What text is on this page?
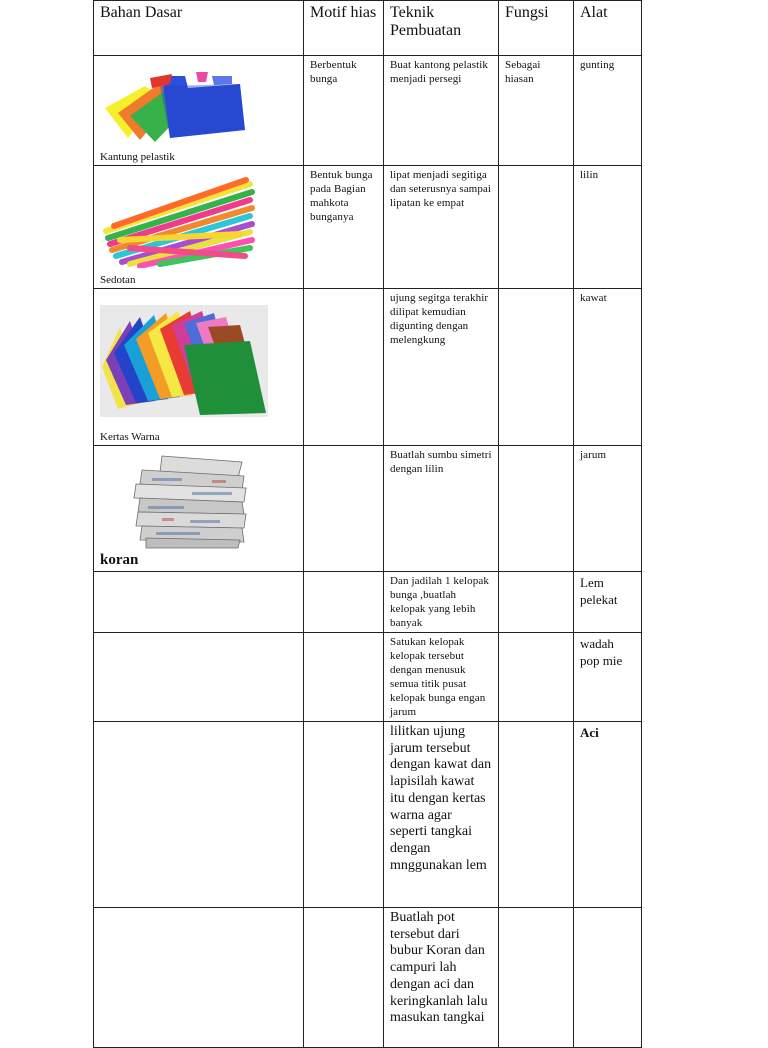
Bahan Dasar	Motif hias	Teknik Pembuatan	Fungsi	Alat

Kantung pelastik	Berbentuk bunga	Buat kantong pelastik menjadi persegi	Sebagai hiasan	gunting

Sedotan	Bentuk bunga pada Bagian mahkota bunganya	lipat menjadi segitiga dan seterusnya sampai lipatan ke empat		lilin

Kertas Warna		ujung segitga terakhir dilipat kemudian digunting dengan melengkung		kawat

koran		Buatlah sumbu simetri dengan lilin		jarum
		Dan jadilah 1 kelopak bunga ,buatlah kelopak yang lebih banyak		Lem pelekat
		Satukan kelopak kelopak tersebut dengan menusuk semua titik pusat kelopak bunga engan jarum		wadah pop mie
		lilitkan ujung jarum tersebut dengan kawat dan lapisilah kawat itu dengan kertas warna agar seperti tangkai dengan mnggunakan lem		Aci
		Buatlah pot tersebut dari bubur Koran dan campuri lah dengan aci dan keringkanlah lalu masukan tangkai		
